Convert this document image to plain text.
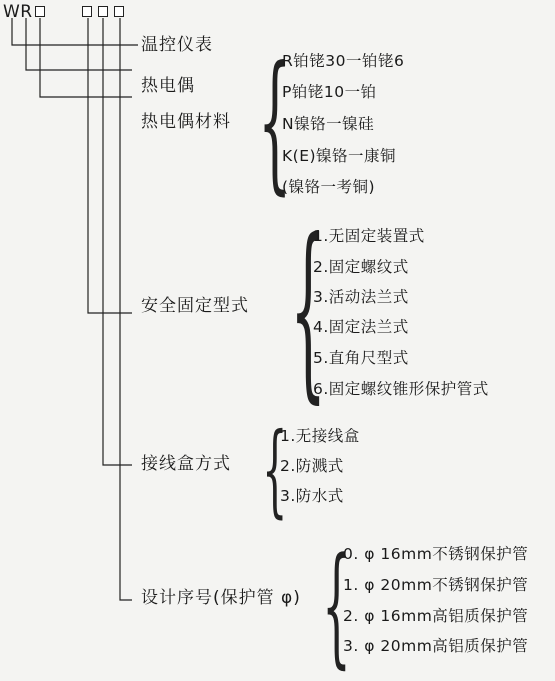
WR
温控仪表
热电偶
热电偶材料
安全固定型式
接线盒方式
设计序号(保护管 φ)
{
{
{
{
R铂铑30一铂铑6
P铂铑10一铂
N镍铬一镍硅
K(E)镍铬一康铜
(镍铬一考铜)
1.无固定装置式
2.固定螺纹式
3.活动法兰式
4.固定法兰式
5.直角尺型式
6.固定螺纹锥形保护管式
1.无接线盒
2.防溅式
3.防水式
0. φ 16mm不锈钢保护管
1. φ 20mm不锈钢保护管
2. φ 16mm高铝质保护管
3. φ 20mm高铝质保护管
